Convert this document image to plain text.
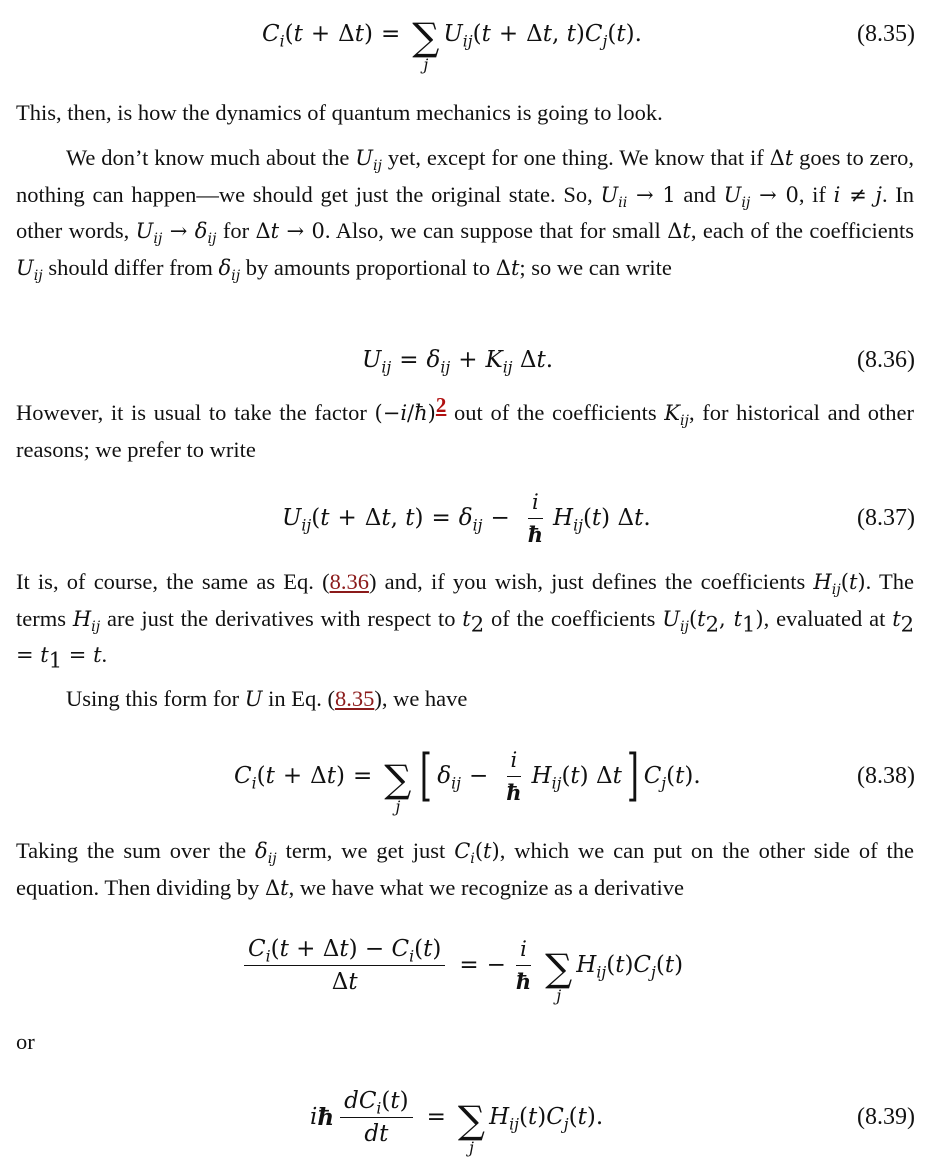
$C_i$ ( t + Δ t ) = ∑
j
$U_{ij}$ ( t + Δ t , t ) $C_j$ ( t ).	(8.35)

This, then, is how the dynamics of quantum mechanics is going to look.

We don’t know much about the $U_{ij}$ yet, except for one thing. We know that if Δt goes to zero, nothing can happen—we should get just the original state. So, $U_{ii} \to 1$ and $U_{ij} \to 0$, if i ≠ j. In other words, $U_{ij} \to \delta_{ij}$ for Δt → 0. Also, we can suppose that for small Δt, each of the coefficients $U_{ij}$ should differ from $\delta_{ij}$ by amounts proportional to Δt; so we can write

$U_{ij} = \delta_{ij} + K_{ij}$ Δ t .	(8.36)

However, it is usual to take the factor (−i/ħ)2 out of the coefficients $K_{ij}$, for historical and other reasons; we prefer to write

$U_{ij}$ ( t + Δ t , t ) = $\delta_{ij} - \frac{i}{ħ} H_{ij}$ ( t ) Δ t .	(8.37)

It is, of course, the same as Eq. (8.36) and, if you wish, just defines the coefficients $H_{ij}(t)$. The terms $H_{ij}$ are just the derivatives with respect to $t_2$ of the coefficients $U_{ij}(t_2$, $t_1$), evaluated at $t_2 = t_1 = t$.

Using this form for U in Eq. (8.35), we have

$C_i$ ( t + Δ t ) = ∑
j [ $\delta_{ij} - \frac{i}{ħ} H_{ij}$ ( t ) Δ t ] $C_j$ ( t ).	(8.38)

Taking the sum over the $\delta_{ij}$ term, we get just $C_i(t)$, which we can put on the other side of the equation. Then dividing by Δt, we have what we recognize as a derivative

$\frac{C_i(t + \Delta t) - C_i(t)}{\Delta t}$ = − $\frac{i}{ħ}$ ∑
j
$H_{ij}$ ( t ) $C_j$ ( t )

or

i ħ $\frac{dC_i(t)}{dt}$ = ∑
j
$H_{ij}$ ( t ) $C_j$ ( t ).	(8.39)
